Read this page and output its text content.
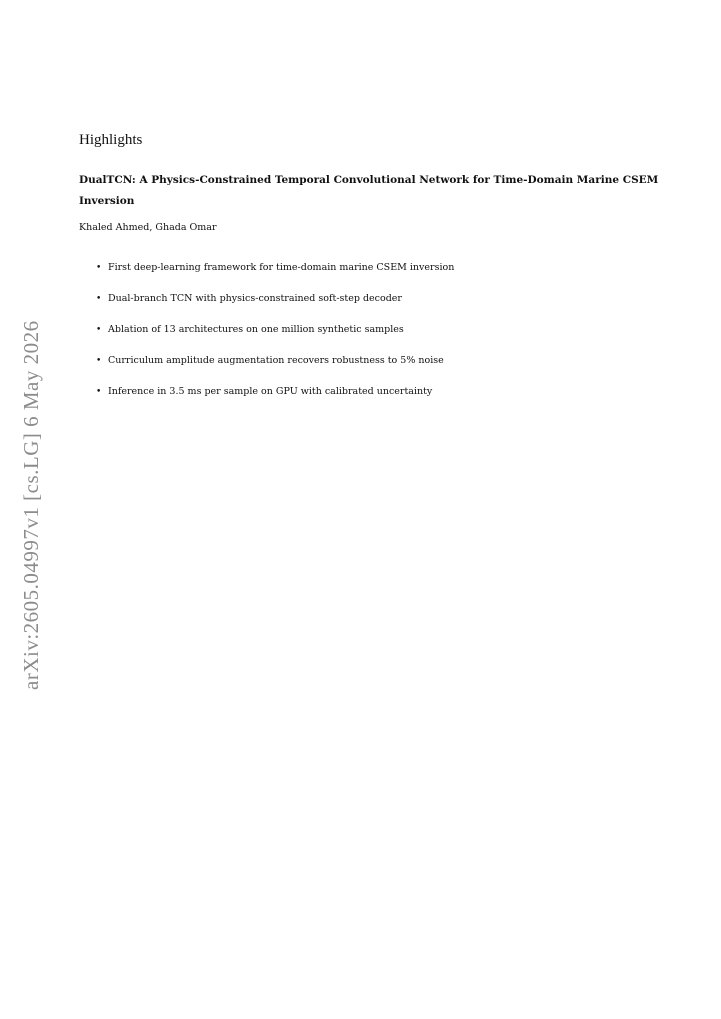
arXiv:2605.04997v1 [cs.LG] 6 May 2026
Highlights
DualTCN: A Physics-Constrained Temporal Convolutional Network for Time-Domain Marine CSEM Inversion
Khaled Ahmed, Ghada Omar
• First deep-learning framework for time-domain marine CSEM inversion
• Dual-branch TCN with physics-constrained soft-step decoder
• Ablation of 13 architectures on one million synthetic samples
• Curriculum amplitude augmentation recovers robustness to 5% noise
• Inference in 3.5 ms per sample on GPU with calibrated uncertainty
